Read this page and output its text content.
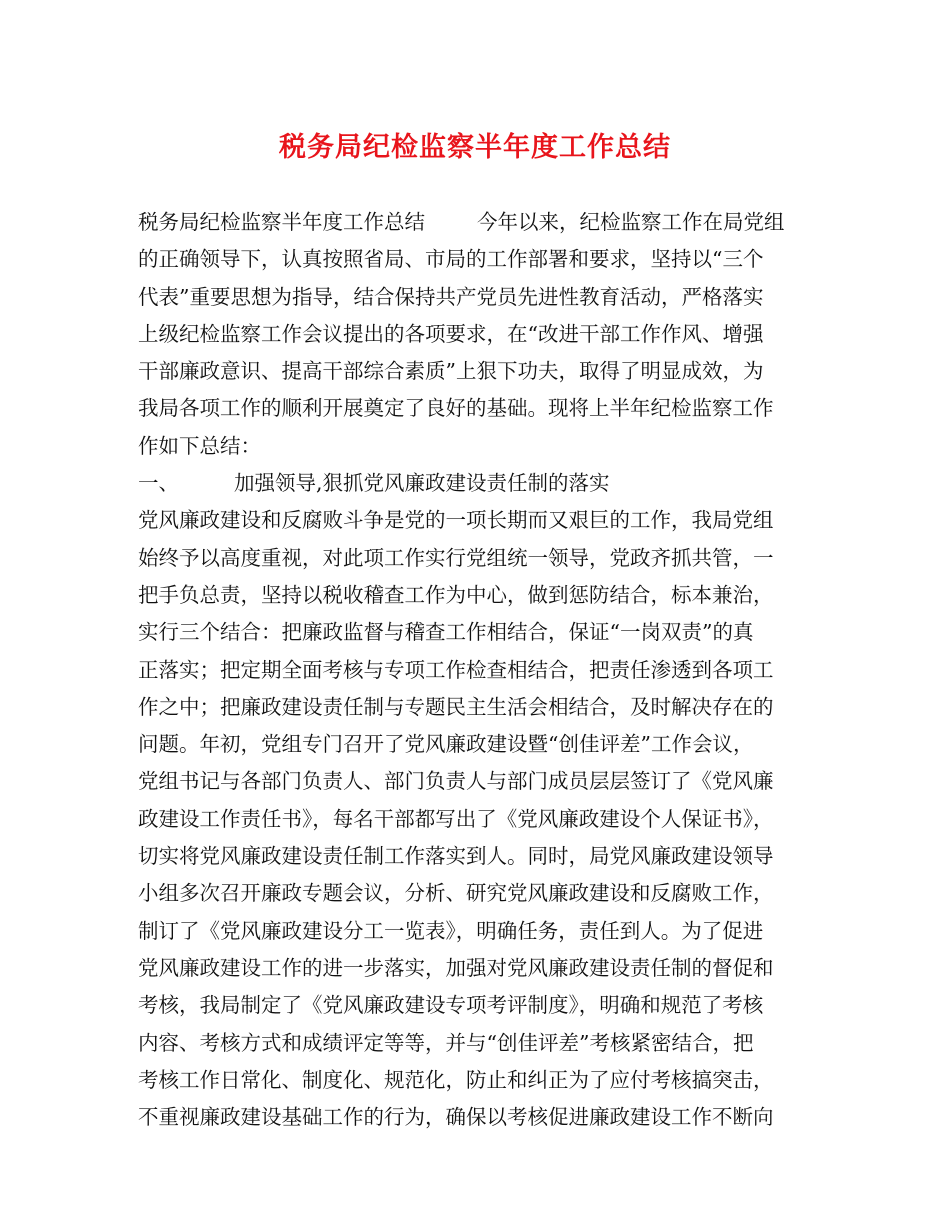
税务局纪检监察半年度工作总结
税务局纪检监察半年度工作总结	今年以来，纪检监察工作在局党组
的正确领导下，认真按照省局、市局的工作部署和要求，坚持以“三个
代表”重要思想为指导，结合保持共产党员先进性教育活动，严格落实
上级纪检监察工作会议提出的各项要求，在“改进干部工作作风、增强
干部廉政意识、提高干部综合素质”上狠下功夫，取得了明显成效，为
我局各项工作的顺利开展奠定了良好的基础。现将上半年纪检监察工作
作如下总结：
一、	加强领导,狠抓党风廉政建设责任制的落实
党风廉政建设和反腐败斗争是党的一项长期而又艰巨的工作，我局党组
始终予以高度重视，对此项工作实行党组统一领导，党政齐抓共管，一
把手负总责，坚持以税收稽查工作为中心，做到惩防结合，标本兼治，
实行三个结合：把廉政监督与稽查工作相结合，保证“一岗双责”的真
正落实；把定期全面考核与专项工作检查相结合，把责任渗透到各项工
作之中；把廉政建设责任制与专题民主生活会相结合，及时解决存在的
问题。年初，党组专门召开了党风廉政建设暨“创佳评差”工作会议，
党组书记与各部门负责人、部门负责人与部门成员层层签订了《党风廉
政建设工作责任书》，每名干部都写出了《党风廉政建设个人保证书》，
切实将党风廉政建设责任制工作落实到人。同时，局党风廉政建设领导
小组多次召开廉政专题会议，分析、研究党风廉政建设和反腐败工作，
制订了《党风廉政建设分工一览表》，明确任务，责任到人。为了促进
党风廉政建设工作的进一步落实，加强对党风廉政建设责任制的督促和
考核，我局制定了《党风廉政建设专项考评制度》，明确和规范了考核
内容、考核方式和成绩评定等等，并与“创佳评差”考核紧密结合，把
考核工作日常化、制度化、规范化，防止和纠正为了应付考核搞突击，
不重视廉政建设基础工作的行为，确保以考核促进廉政建设工作不断向
